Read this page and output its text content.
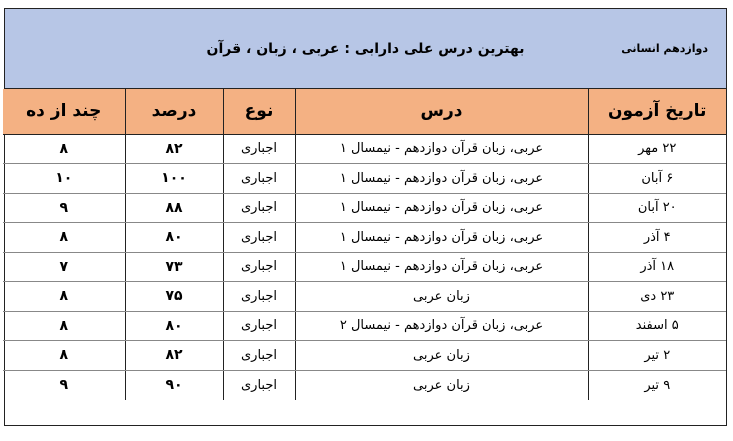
دوازدهم انسانی
بهترین درس علی دارابی : عربی ، زبان ، قرآن
تاریخ آزمون	درس	نوع	درصد	چند از ده
۲۲ مهر	عربی، زبان قرآن دوازدهم - نیمسال ۱	اجباری	۸۲	۸
۶ آبان	عربی، زبان قرآن دوازدهم - نیمسال ۱	اجباری	۱۰۰	۱۰
۲۰ آبان	عربی، زبان قرآن دوازدهم - نیمسال ۱	اجباری	۸۸	۹
۴ آذر	عربی، زبان قرآن دوازدهم - نیمسال ۱	اجباری	۸۰	۸
۱۸ آذر	عربی، زبان قرآن دوازدهم - نیمسال ۱	اجباری	۷۳	۷
۲۳ دی	زبان عربی	اجباری	۷۵	۸
۵ اسفند	عربی، زبان قرآن دوازدهم - نیمسال ۲	اجباری	۸۰	۸
۲ تیر	زبان عربی	اجباری	۸۲	۸
۹ تیر	زبان عربی	اجباری	۹۰	۹
